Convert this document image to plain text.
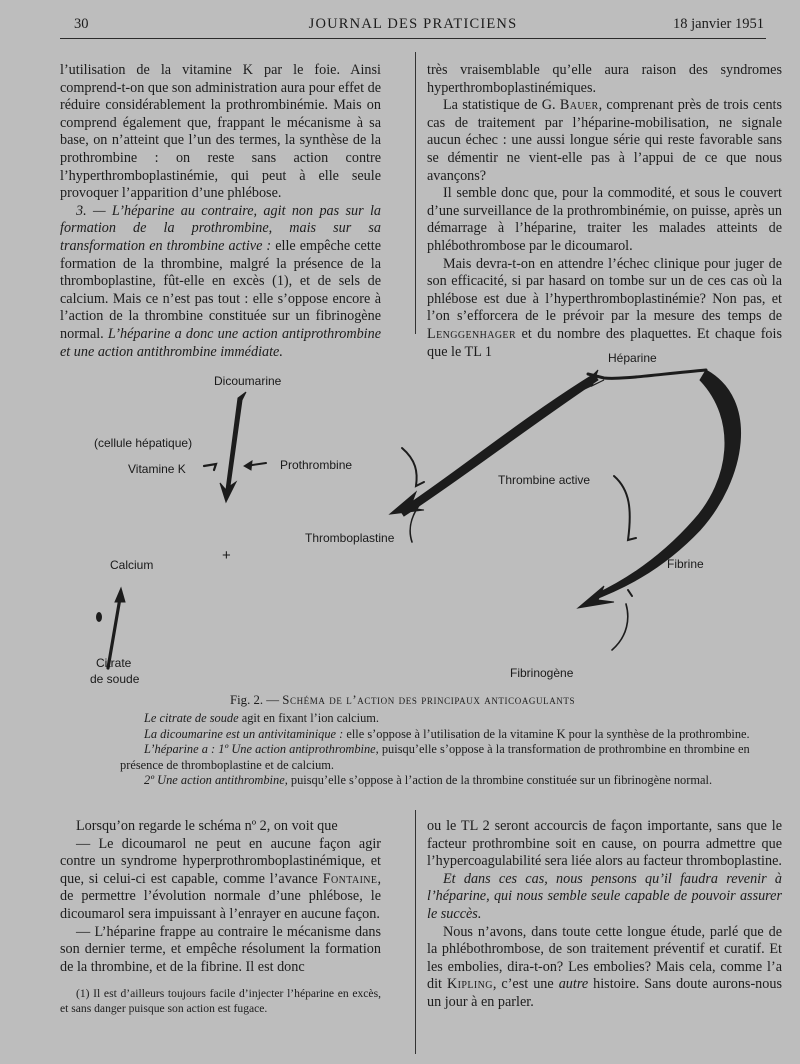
30	JOURNAL DES PRATICIENS	18 janvier 1951

l’utilisation de la vitamine K par le foie. Ainsi comprend-t-on que son administration aura pour effet de réduire considérablement la prothrombinémie. Mais on comprend également que, frappant le mécanisme à sa base, on n’atteint que l’un des termes, la synthèse de la prothrombine : on reste sans action contre l’hyperthromboplastinémie, qui peut à elle seule provoquer l’apparition d’une phlébose.

3. — L’héparine au contraire, agit non pas sur la formation de la prothrombine, mais sur sa transformation en thrombine active : elle empêche cette formation de la thrombine, malgré la présence de la thromboplastine, fût-elle en excès (1), et de sels de calcium. Mais ce n’est pas tout : elle s’oppose encore à l’action de la thrombine constituée sur un fibrinogène normal. L’héparine a donc une action antiprothrombine et une action antithrombine immédiate.

très vraisemblable qu’elle aura raison des syndromes hyperthromboplastinémiques.

La statistique de G. Bauer, comprenant près de trois cents cas de traitement par l’héparine-mobilisation, ne signale aucun échec : une aussi longue série qui reste favorable sans se démentir ne vient-elle pas à l’appui de ce que nous avançons?

Il semble donc que, pour la commodité, et sous le couvert d’une surveillance de la prothrombinémie, on puisse, après un démarrage à l’héparine, traiter les malades atteints de phlébothrombose par le dicoumarol.

Mais devra-t-on en attendre l’échec clinique pour juger de son efficacité, si par hasard on tombe sur un de ces cas où la phlébose est due à l’hyperthromboplastinémie? Non pas, et l’on s’efforcera de le prévoir par la mesure des temps de Lenggenhager et du nombre des plaquettes. Et chaque fois que le TL 1

Dicoumarine
(cellule hépatique)
Vitamine K	Prothrombine
Thrombine active
Thromboplastine
+
Calcium
Héparine
Fibrine
Citrate
de soude	Fibrinogène
Fig. 2. — Schéma de l’action des principaux anticoagulants

Le citrate de soude agit en fixant l’ion calcium.

La dicoumarine est un antivitaminique : elle s’oppose à l’utilisation de la vitamine K pour la synthèse de la prothrombine.

L’héparine a : 1º Une action antiprothrombine, puisqu’elle s’oppose à la transformation de prothrombine en thrombine en présence de thromboplastine et de calcium.

2º Une action antithrombine, puisqu’elle s’oppose à l’action de la thrombine constituée sur un fibrinogène normal.

Lorsqu’on regarde le schéma nº 2, on voit que

— Le dicoumarol ne peut en aucune façon agir contre un syndrome hyperprothromboplastinémique, et que, si celui-ci est capable, comme l’avance Fontaine, de permettre l’évolution normale d’une phlébose, le dicoumarol sera impuissant à l’enrayer en aucune façon.

— L’héparine frappe au contraire le mécanisme dans son dernier terme, et empêche résolument la formation de la thrombine, et de la fibrine. Il est donc

(1) Il est d’ailleurs toujours facile d’injecter l’héparine en excès, et sans danger puisque son action est fugace.

ou le TL 2 seront accourcis de façon importante, sans que le facteur prothrombine soit en cause, on pourra admettre que l’hypercoagulabilité sera liée alors au facteur thromboplastine.

Et dans ces cas, nous pensons qu’il faudra revenir à l’héparine, qui nous semble seule capable de pouvoir assurer le succès.

Nous n’avons, dans toute cette longue étude, parlé que de la phlébothrombose, de son traitement préventif et curatif. Et les embolies, dira-t-on? Les embolies? Mais cela, comme l’a dit Kipling, c’est une autre histoire. Sans doute aurons-nous un jour à en parler.
